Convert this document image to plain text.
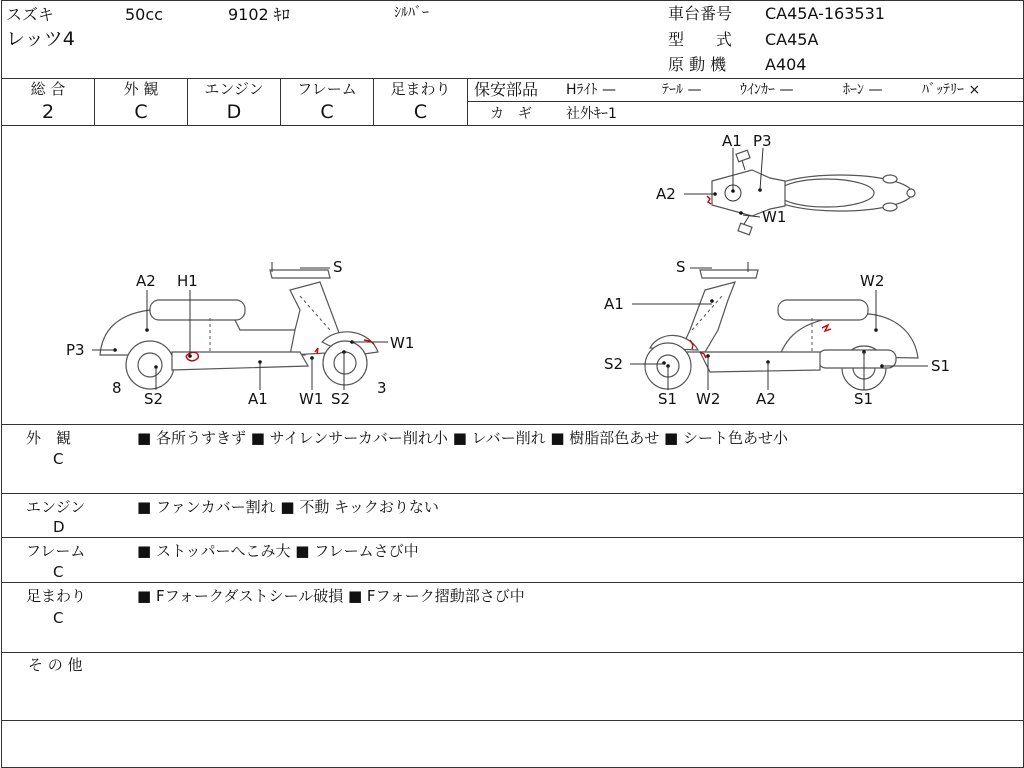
スズキ
レッツ4
50cc	9102 ｷﾛ	ｼﾙﾊﾞｰ	車台番号 CA45A-163531
型　　式 CA45A
原 動 機 A404
総 合	外 観	エンジン	フレーム	足まわり
2	C	D	C	C
保安部品 Hﾗｲﾄ —	ﾃｰﾙ —	ｳｲﾝｶｰ —	ﾎｰﾝ —	ﾊﾞｯﾃﾘｰ ×
カ　ギ 社外ｷｰ1
A1 P3
A2
W1
S
A2 H1
P3	W1
8
S2	A1 W1 S2
3
S
W2
A1
S2	S1
S1 W2 A2	S1
外　観
C
■ 各所うすきず ■ サイレンサーカバー削れ小 ■ レバー削れ ■ 樹脂部色あせ ■ シート色あせ小
エンジン
D
■ ファンカバー割れ ■ 不動 キックおりない
フレーム
C
■ ストッパーへこみ大 ■ フレームさび中
足まわり
C
■ Fフォークダストシール破損 ■ Fフォーク摺動部さび中
そ の 他
